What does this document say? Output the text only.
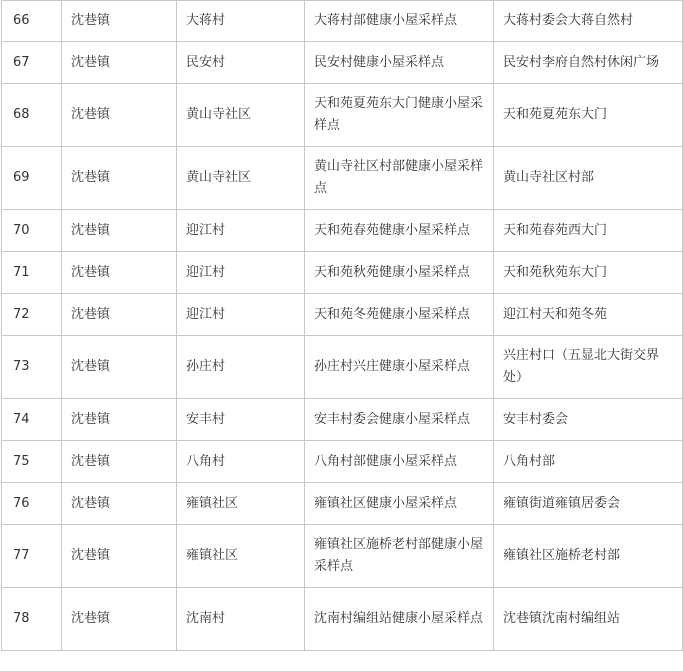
66	沈巷镇	大蒋村	大蒋村部健康小屋采样点	大蒋村委会大蒋自然村
67	沈巷镇	民安村	民安村健康小屋采样点	民安村李府自然村休闲广场
68	沈巷镇	黄山寺社区	天和苑夏苑东大门健康小屋采样点	天和苑夏苑东大门
69	沈巷镇	黄山寺社区	黄山寺社区村部健康小屋采样点	黄山寺社区村部
70	沈巷镇	迎江村	天和苑春苑健康小屋采样点	天和苑春苑西大门
71	沈巷镇	迎江村	天和苑秋苑健康小屋采样点	天和苑秋苑东大门
72	沈巷镇	迎江村	天和苑冬苑健康小屋采样点	迎江村天和苑冬苑
73	沈巷镇	孙庄村	孙庄村兴庄健康小屋采样点	兴庄村口（五显北大街交界处）
74	沈巷镇	安丰村	安丰村委会健康小屋采样点	安丰村委会
75	沈巷镇	八角村	八角村部健康小屋采样点	八角村部
76	沈巷镇	雍镇社区	雍镇社区健康小屋采样点	雍镇街道雍镇居委会
77	沈巷镇	雍镇社区	雍镇社区施桥老村部健康小屋采样点	雍镇社区施桥老村部
78	沈巷镇	沈南村	沈南村编组站健康小屋采样点	沈巷镇沈南村编组站
